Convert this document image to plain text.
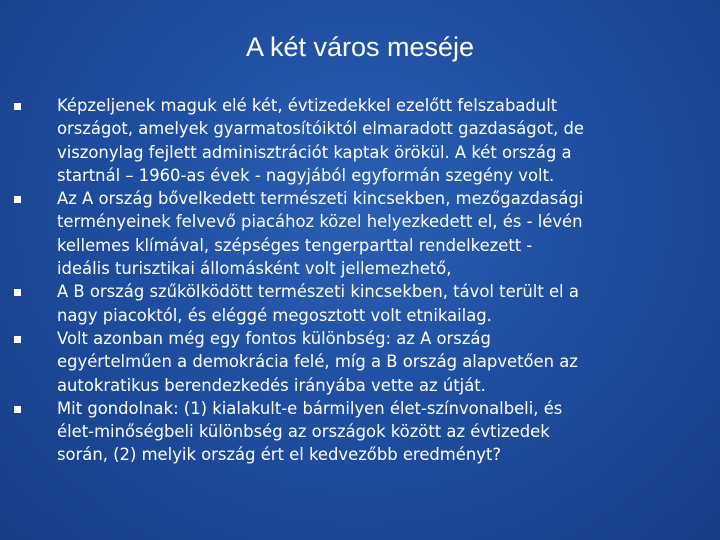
A két város meséje
Képzeljenek maguk elé két, évtizedekkel ezelőtt felszabadult
országot, amelyek gyarmatosítóiktól elmaradott gazdaságot, de
viszonylag fejlett adminisztrációt kaptak örökül. A két ország a
startnál – 1960-as évek - nagyjából egyformán szegény volt.
Az A ország bővelkedett természeti kincsekben, mezőgazdasági
terményeinek felvevő piacához közel helyezkedett el, és - lévén
kellemes klímával, szépséges tengerparttal rendelkezett -
ideális turisztikai állomásként volt jellemezhető,
A B ország szűkölködött természeti kincsekben, távol terült el a
nagy piacoktól, és eléggé megosztott volt etnikailag.
Volt azonban még egy fontos különbség: az A ország
egyértelműen a demokrácia felé, míg a B ország alapvetően az
autokratikus berendezkedés irányába vette az útját.
Mit gondolnak: (1) kialakult-e bármilyen élet-színvonalbeli, és
élet-minőségbeli különbség az országok között az évtizedek
során, (2) melyik ország ért el kedvezőbb eredményt?
